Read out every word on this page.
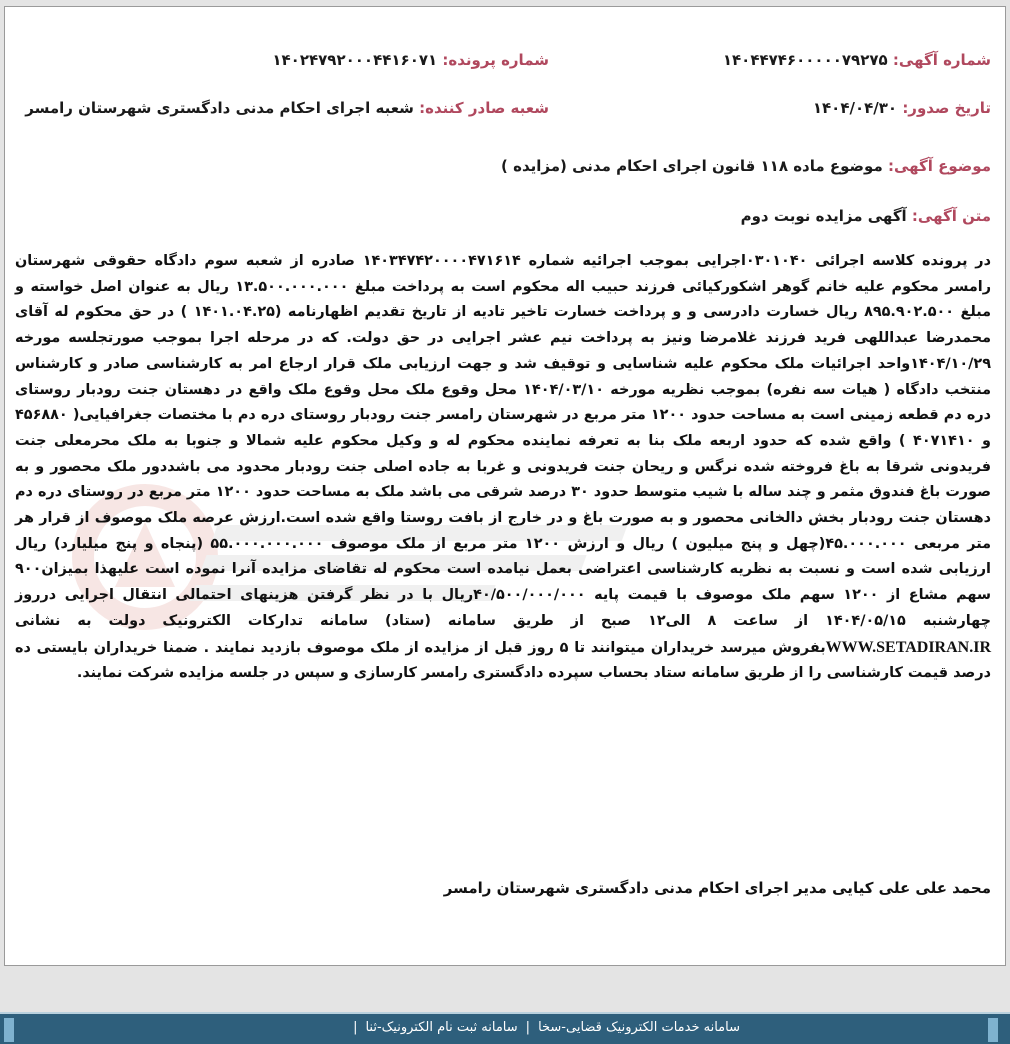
شماره آگهی: ۱۴۰۴۴۷۴۶۰۰۰۰۰۷۹۲۷۵
شماره پرونده: ۱۴۰۲۴۷۹۲۰۰۰۴۴۱۶۰۷۱
تاریخ صدور: ۱۴۰۴/۰۴/۳۰
شعبه صادر کننده: شعبه اجرای احکام مدنی دادگستری شهرستان رامسر
موضوع آگهی: موضوع ماده ۱۱۸ قانون اجرای احکام مدنی (مزایده )
متن آگهی: آگهی مزایده نوبت دوم

در پرونده کلاسه اجرائی ۰۳۰۱۰۴۰اجرایی بموجب اجرائیه شماره ۱۴۰۳۴۷۴۲۰۰۰۰۴۷۱۶۱۴ صادره از شعبه سوم دادگاه حقوقی شهرستان رامسر محکوم علیه خانم گوهر اشکورکیائی فرزند حبیب اله محکوم است به پرداخت مبلغ ۱۳.۵۰۰.۰۰۰.۰۰۰ ریال به عنوان اصل خواسته و مبلغ ۸۹۵.۹۰۲.۵۰۰ ریال خسارت دادرسی و و پرداخت خسارت تاخیر تادیه از تاریخ تقدیم اظهارنامه (۱۴۰۱.۰۴.۲۵ ) در حق محکوم له آقای محمدرضا عبداللهی فرید فرزند غلامرضا ونیز به پرداخت نیم عشر اجرایی در حق دولت. که در مرحله اجرا بموجب صورتجلسه مورخه ۱۴۰۴/۱۰/۲۹واحد اجرائیات ملک محکوم علیه شناسایی و توقیف شد و جهت ارزیابی ملک قرار ارجاع امر به کارشناسی صادر و کارشناس منتخب دادگاه ( هیات سه نفره) بموجب نظریه مورخه ۱۴۰۴/۰۳/۱۰ محل وقوع ملک محل وقوع ملک واقع در دهستان جنت رودبار روستای دره دم قطعه زمینی است به مساحت حدود ۱۲۰۰ متر مربع در شهرستان رامسر جنت رودبار روستای دره دم با مختصات جغرافیایی( ۴۵۶۸۸۰ و ۴۰۷۱۴۱۰ ) واقع شده که حدود اربعه ملک بنا به تعرفه نماینده محکوم له و وکیل محکوم علیه شمالا و جنوبا به ملک محرمعلی جنت فریدونی شرقا به باغ فروخته شده نرگس و ریحان جنت فریدونی و غربا به جاده اصلی جنت رودبار محدود می باشددور ملک محصور و به صورت باغ فندوق مثمر و چند ساله با شیب متوسط حدود ۳۰ درصد شرقی می باشد ملک به مساحت حدود ۱۲۰۰ متر مربع در روستای دره دم دهستان جنت رودبار بخش دالخانی محصور و به صورت باغ و در خارج از بافت روستا واقع شده است.ارزش عرصه ملک موصوف از قرار هر متر مربعی ۴۵.۰۰۰.۰۰۰(چهل و پنج میلیون ) ریال و ارزش ۱۲۰۰ متر مربع از ملک موصوف ۵۵.۰۰۰.۰۰۰.۰۰۰ (پنجاه و پنج میلیارد) ریال ارزیابی شده است و نسبت به نظریه کارشناسی اعتراضی بعمل نیامده است محکوم له تقاضای مزایده آنرا نموده است علیهذا بمیزان۹۰۰ سهم مشاع از ۱۲۰۰ سهم ملک موصوف با قیمت پایه ۴۰/۵۰۰/۰۰۰/۰۰۰ریال با در نظر گرفتن هزینهای احتمالی انتقال اجرایی درروز چهارشنبه ۱۴۰۴/۰۵/۱۵ از ساعت ۸ الی۱۲ صبح از طریق سامانه (ستاد) سامانه تدارکات الکترونیک دولت به نشانی WWW.SETADIRAN.IRبفروش میرسد خریداران میتوانند تا ۵ روز قبل از مزایده از ملک موصوف بازدید نمایند . ضمنا خریداران بایستی ده درصد قیمت کارشناسی را از طریق سامانه ستاد بحساب سپرده دادگستری رامسر کارسازی و سپس در جلسه مزایده شرکت نمایند.

محمد علی علی کیایی مدیر اجرای احکام مدنی دادگستری شهرستان رامسر
سامانه خدمات الکترونیک قضایی-سخا|سامانه ثبت نام الکترونیک-ثنا|
